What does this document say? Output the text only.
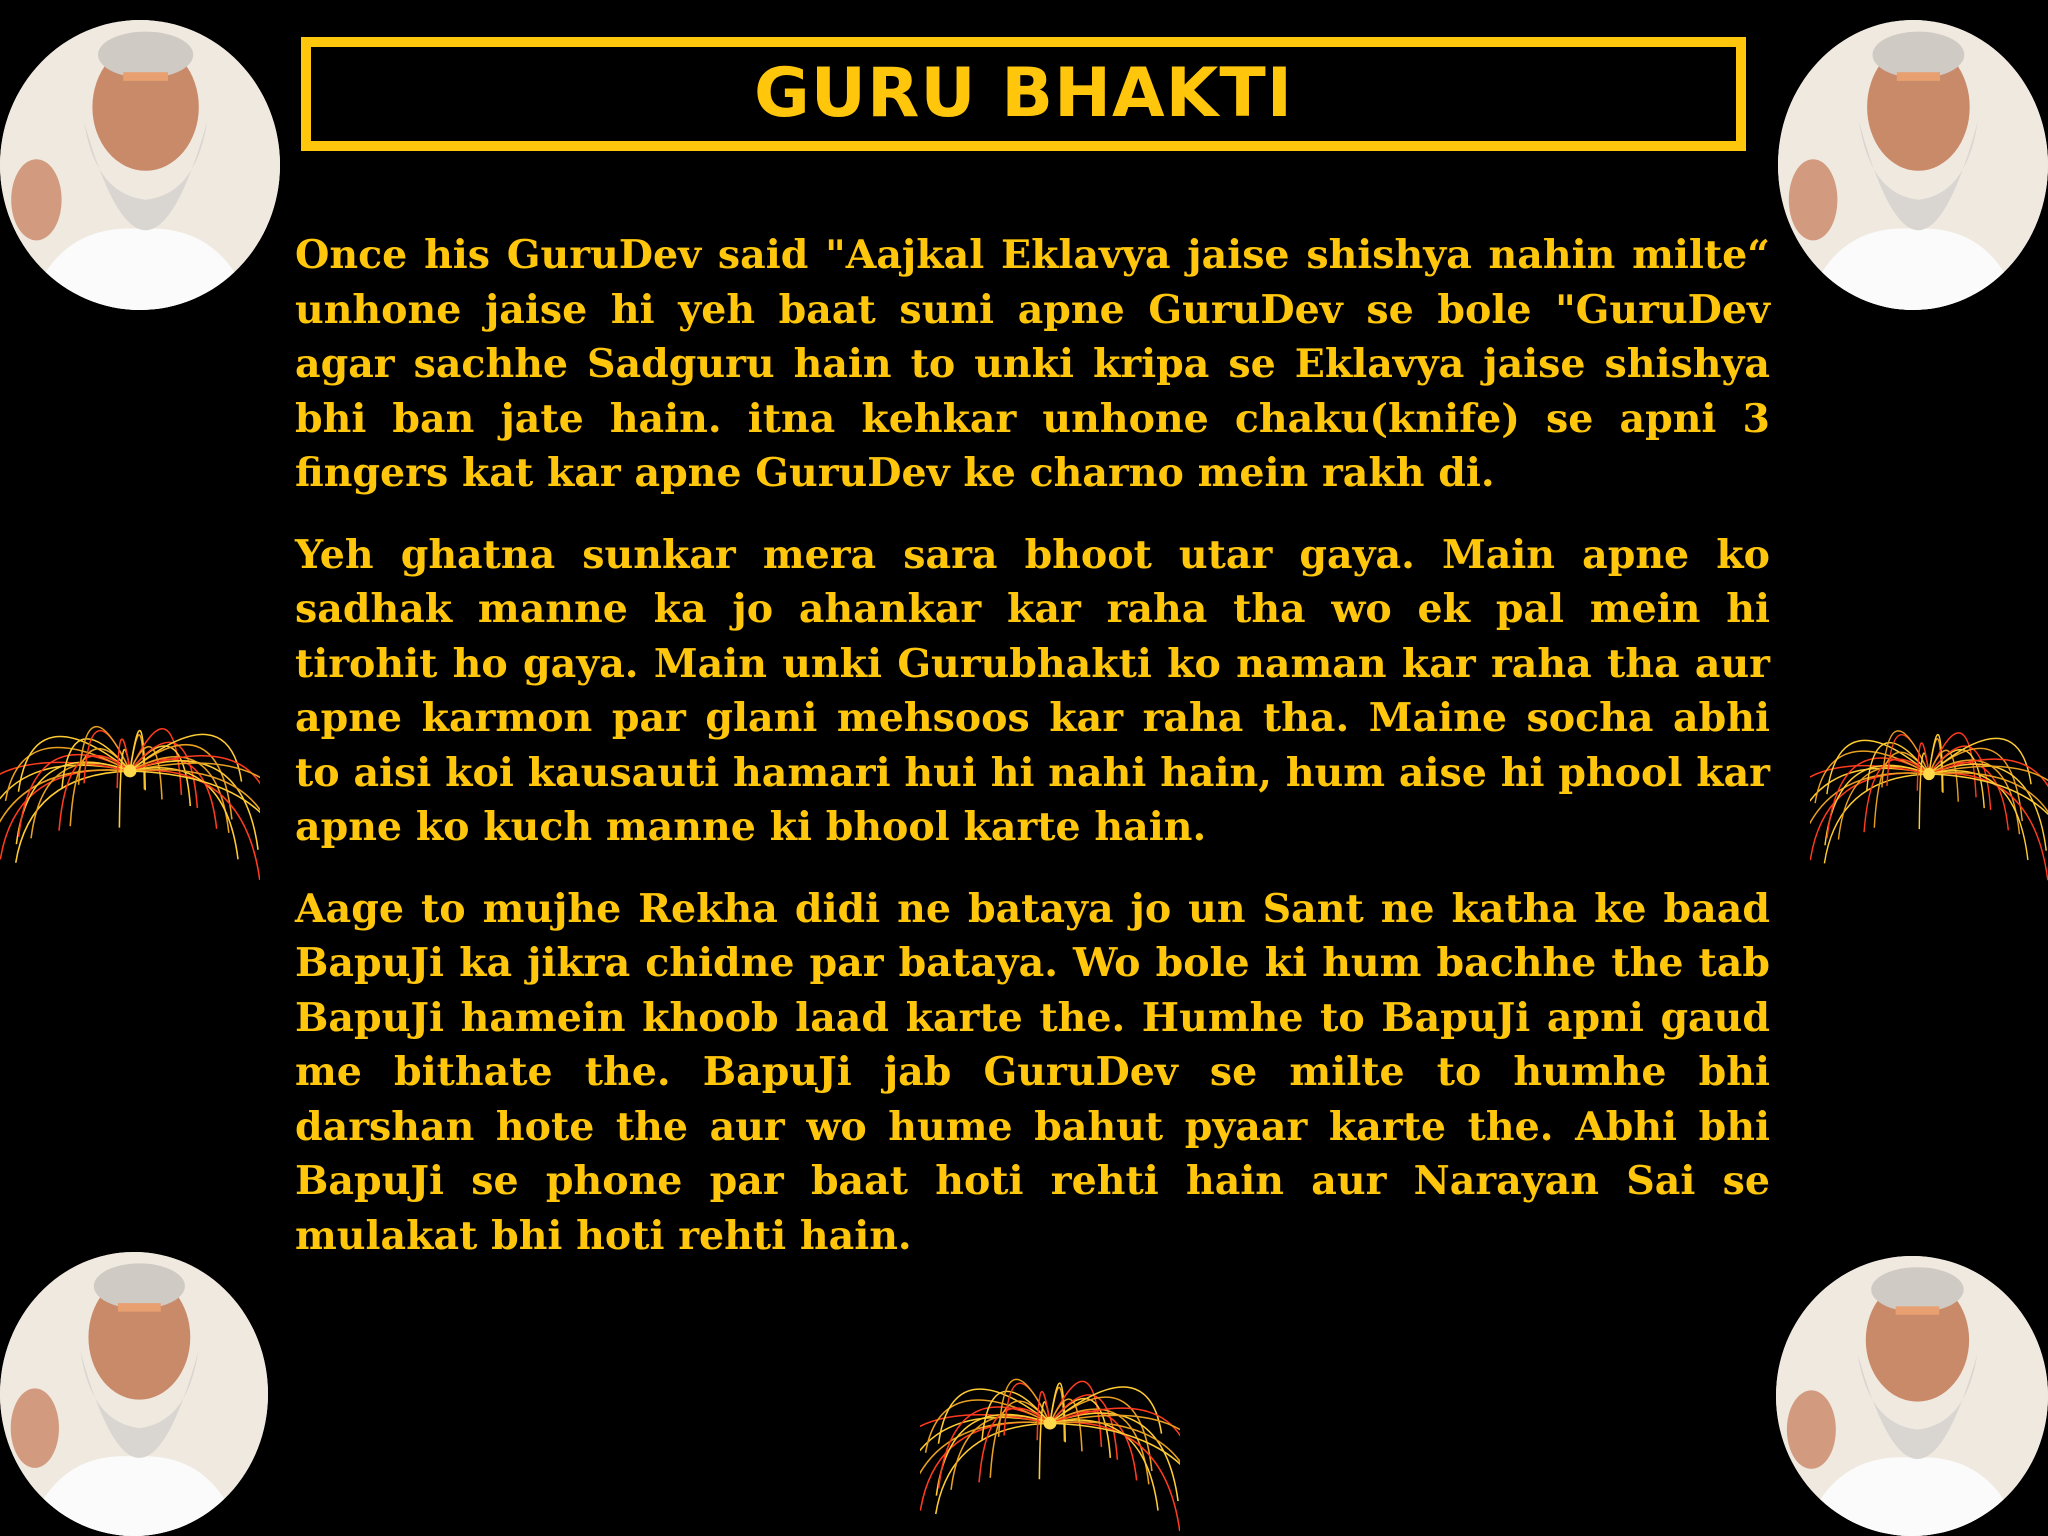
GURU BHAKTI

Once his GuruDev said "Aajkal Eklavya jaise shishya nahin milte“ unhone jaise hi yeh baat suni apne GuruDev se bole "GuruDev agar sachhe Sadguru hain to unki kripa se Eklavya jaise shishya bhi ban jate hain. itna kehkar unhone chaku(knife) se apni 3 fingers kat kar apne GuruDev ke charno mein rakh di.

Yeh ghatna sunkar mera sara bhoot utar gaya. Main apne ko sadhak manne ka jo ahankar kar raha tha wo ek pal mein hi tirohit ho gaya. Main unki Gurubhakti ko naman kar raha tha aur apne karmon par glani mehsoos kar raha tha. Maine socha abhi to aisi koi kausauti hamari hui hi nahi hain, hum aise hi phool kar apne ko kuch manne ki bhool karte hain.

Aage to mujhe Rekha didi ne bataya jo un Sant ne katha ke baad BapuJi ka jikra chidne par bataya. Wo bole ki hum bachhe the tab BapuJi hamein khoob laad karte the. Humhe to BapuJi apni gaud me bithate the. BapuJi jab GuruDev se milte to humhe bhi darshan hote the aur wo hume bahut pyaar karte the. Abhi bhi BapuJi se phone par baat hoti rehti hain aur Narayan Sai se mulakat bhi hoti rehti hain.
